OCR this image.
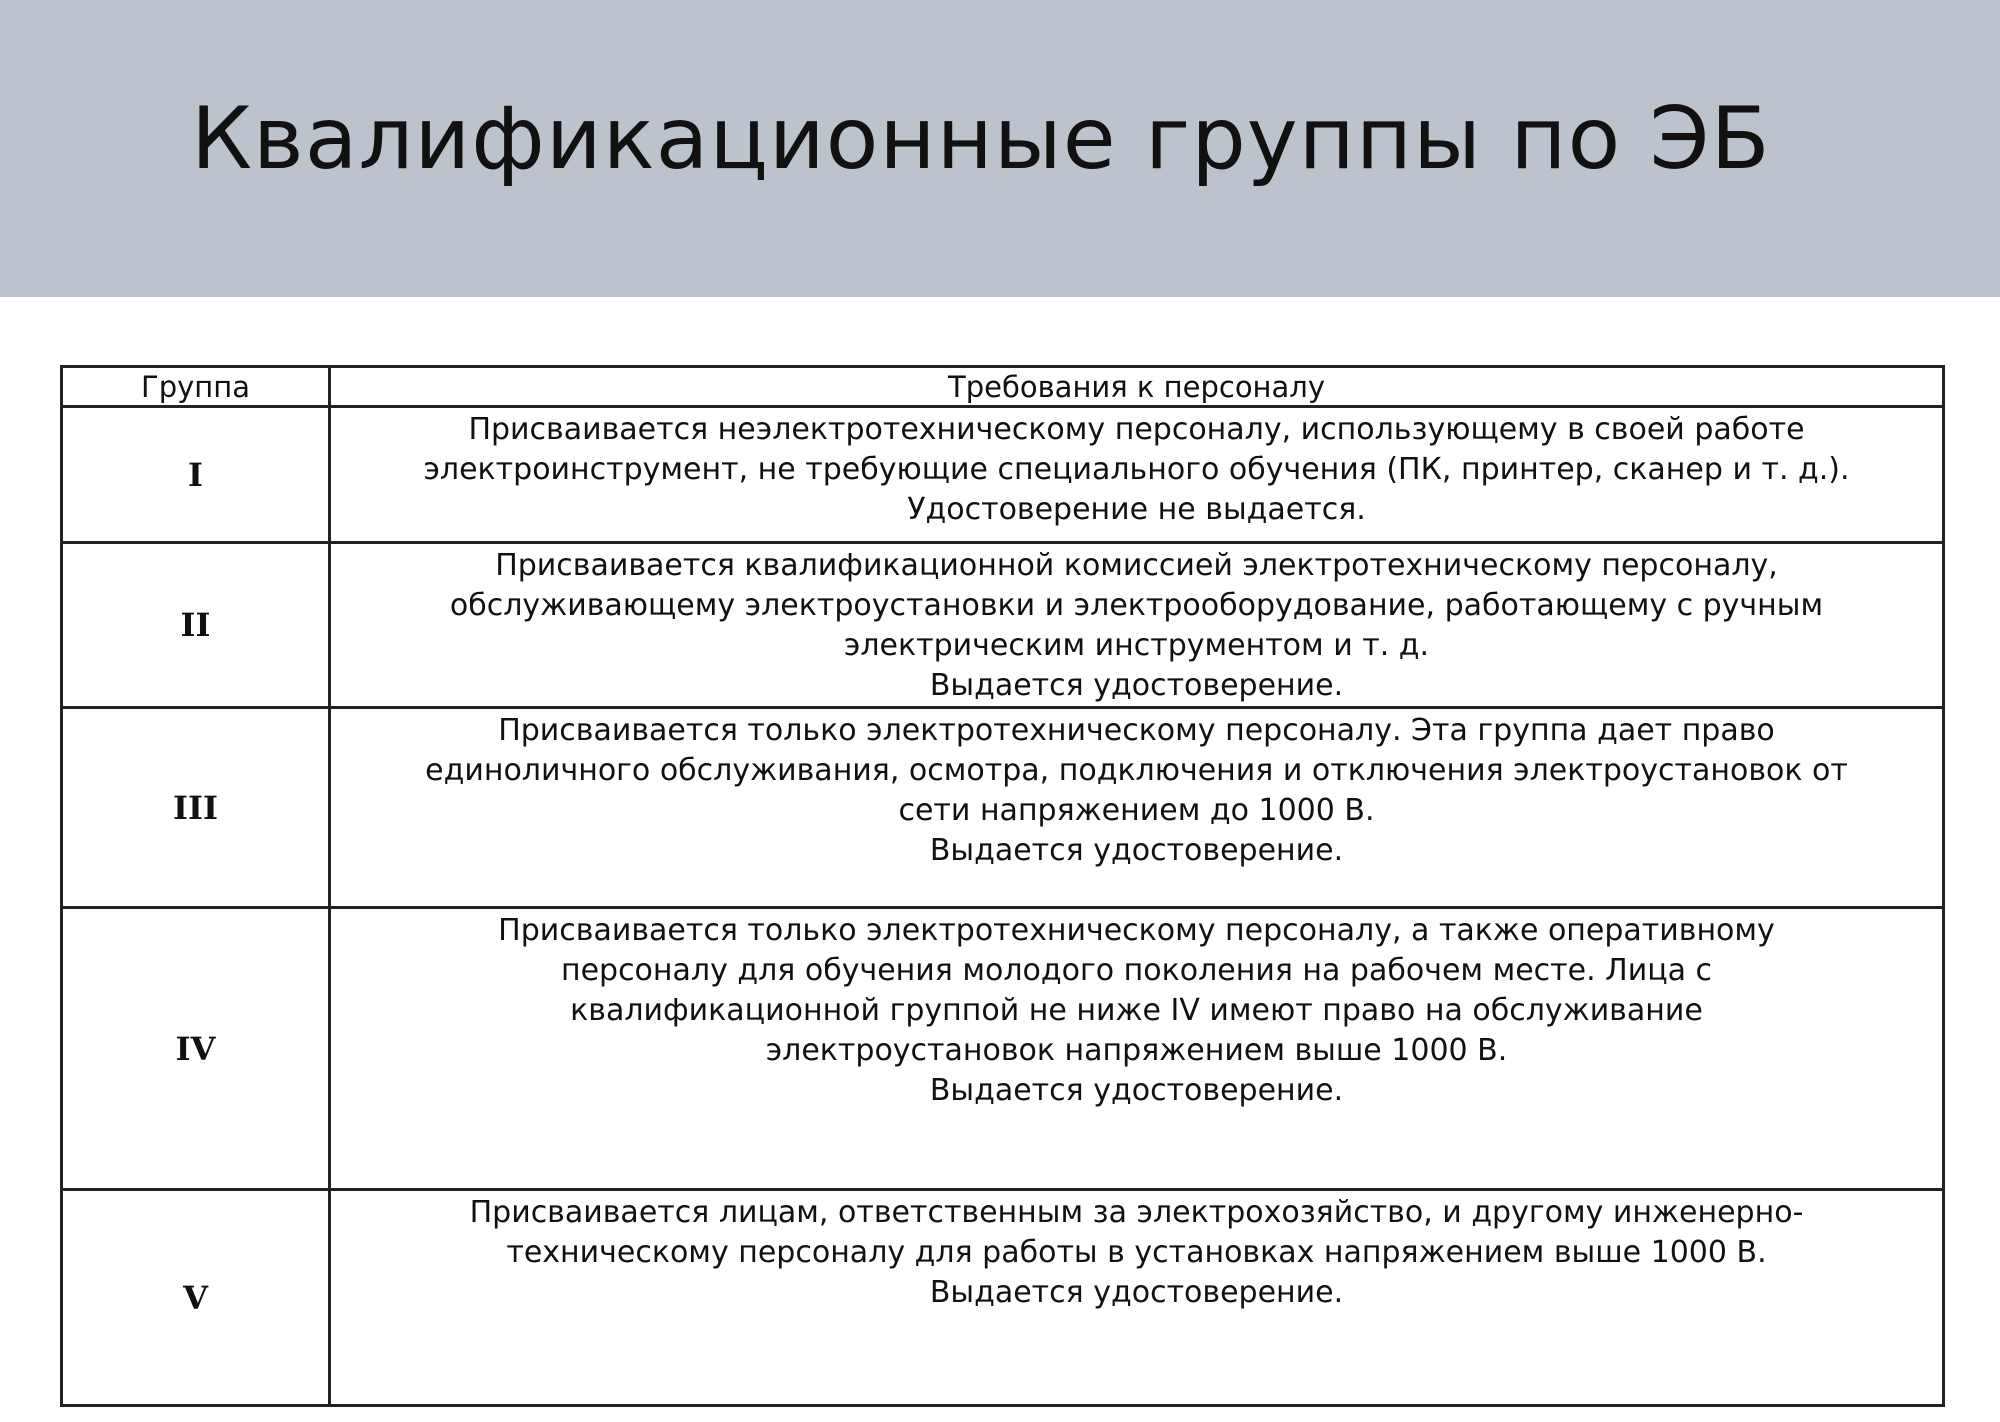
Квалификационные группы по ЭБ
Группа	Требования к персоналу
I	Присваивается неэлектротехническому персоналу, использующему в своей работе
электроинструмент, не требующие специального обучения (ПК, принтер, сканер и т. д.).
Удостоверение не выдается.

II	Присваивается квалификационной комиссией электротехническому персоналу,
обслуживающему электроустановки и электрооборудование, работающему с ручным
электрическим инструментом и т. д.
Выдается удостоверение.

III	Присваивается только электротехническому персоналу. Эта группа дает право
единоличного обслуживания, осмотра, подключения и отключения электроустановок от
сети напряжением до 1000 В.
Выдается удостоверение.

IV	Присваивается только электротехническому персоналу, а также оперативному
персоналу для обучения молодого поколения на рабочем месте. Лица с
квалификационной группой не ниже IV имеют право на обслуживание
электроустановок напряжением выше 1000 В.
Выдается удостоверение.

V	Присваивается лицам, ответственным за электрохозяйство, и другому инженерно-
техническому персоналу для работы в установках напряжением выше 1000 В.
Выдается удостоверение.
